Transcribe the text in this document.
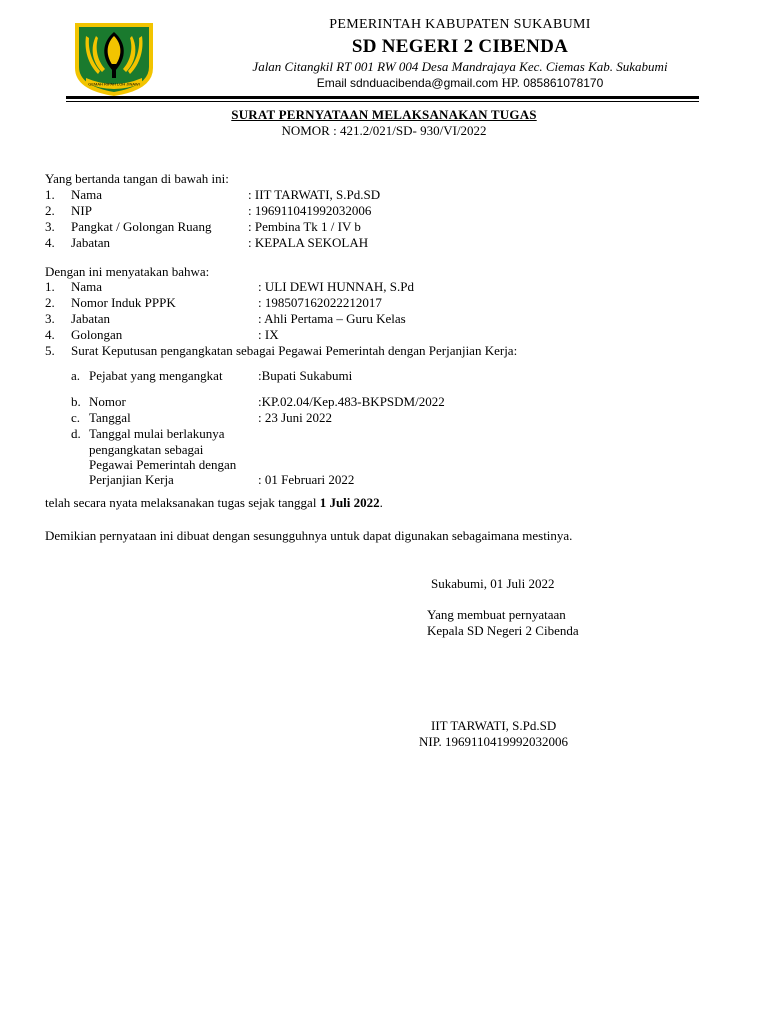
GEMAH RIPAH LOH JINAWI
PEMERINTAH KABUPATEN SUKABUMI
SD NEGERI 2 CIBENDA
Jalan Citangkil RT 001 RW 004 Desa Mandrajaya Kec. Ciemas Kab. Sukabumi
Email sdnduacibenda@gmail.com HP. 085861078170
SURAT PERNYATAAN MELAKSANAKAN TUGAS
NOMOR : 421.2/021/SD- 930/VI/2022
Yang bertanda tangan di bawah ini:
1. Nama	: IIT TARWATI, S.Pd.SD
2. NIP	: 196911041992032006
3. Pangkat / Golongan Ruang	: Pembina Tk 1 / IV b
4. Jabatan	: KEPALA SEKOLAH
Dengan ini menyatakan bahwa:
1. Nama	: ULI DEWI HUNNAH, S.Pd
2. Nomor Induk PPPK	: 198507162022212017
3. Jabatan	: Ahli Pertama – Guru Kelas
4. Golongan	: IX
5. Surat Keputusan pengangkatan sebagai Pegawai Pemerintah dengan Perjanjian Kerja:
a. Pejabat yang mengangkat	:Bupati Sukabumi
b. Nomor	:KP.02.04/Kep.483-BKPSDM/2022
c. Tanggal	: 23 Juni 2022
d. Tanggal mulai berlakunya
pengangkatan sebagai
Pegawai Pemerintah dengan
Perjanjian Kerja	: 01 Februari 2022
telah secara nyata melaksanakan tugas sejak tanggal 1 Juli 2022.
Demikian pernyataan ini dibuat dengan sesungguhnya untuk dapat digunakan sebagaimana mestinya.
Sukabumi, 01 Juli 2022
Yang membuat pernyataan
Kepala SD Negeri 2 Cibenda
IIT TARWATI, S.Pd.SD
NIP. 196911041999203200​6
